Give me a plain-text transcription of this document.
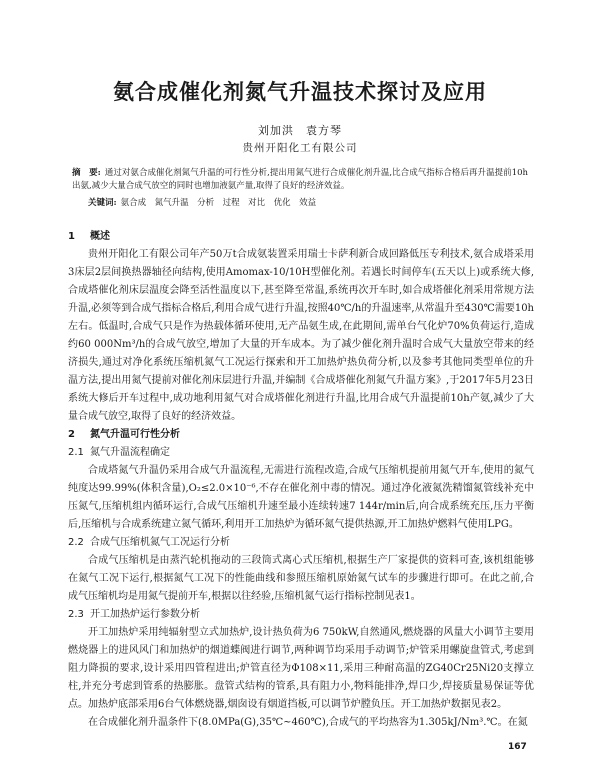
氨合成催化剂氮气升温技术探讨及应用
刘加洪　袁方琴
贵州开阳化工有限公司
摘　要: 通过对氨合成催化剂氮气升温的可行性分析,提出用氮气进行合成催化剂升温,比合成气指标合格后再升温提前10h出氨,减少大量合成气放空的同时也增加液氨产量,取得了良好的经济效益。
关键词: 氨合成　氮气升温　分析　过程　对比　优化　效益
1 概述

贵州开阳化工有限公司年产50万t合成氨装置采用瑞士卡萨利新合成回路低压专利技术,氨合成塔采用3床层2层间换热器轴径向结构,使用Amomax-10/10H型催化剂。若遇长时间停车(五天以上)或系统大修,合成塔催化剂床层温度会降至活性温度以下,甚至降至常温,系统再次开车时,如合成塔催化剂采用常规方法升温,必须等到合成气指标合格后,利用合成气进行升温,按照40℃/h的升温速率,从常温升至430℃需要10h左右。低温时,合成气只是作为热载体循环使用,无产品氨生成,在此期间,需单台气化炉70%负荷运行,造成约60 000Nm³/h的合成气放空,增加了大量的开车成本。为了减少催化剂升温时合成气大量放空带来的经济损失,通过对净化系统压缩机氮气工况运行探索和开工加热炉热负荷分析,以及参考其他同类型单位的升温方法,提出用氮气提前对催化剂床层进行升温,并编制《合成塔催化剂氮气升温方案》,于2017年5月23日系统大修后开车过程中,成功地利用氮气对合成塔催化剂进行升温,比用合成气升温提前10h产氨,减少了大量合成气放空,取得了良好的经济效益。

2 氮气升温可行性分析
2.1 氮气升温流程确定

合成塔氮气升温仍采用合成气升温流程,无需进行流程改造,合成气压缩机提前用氮气开车,使用的氮气纯度达99.99%(体积含量),O₂≤2.0×10⁻⁶,不存在催化剂中毒的情况。通过净化液氮洗精馏氮管线补充中压氮气,压缩机组内循环运行,合成气压缩机升速至最小连续转速7 144r/min后,向合成系统充压,压力平衡后,压缩机与合成系统建立氮气循环,利用开工加热炉为循环氮气提供热源,开工加热炉燃料气使用LPG。

2.2 合成气压缩机氮气工况运行分析

合成气压缩机是由蒸汽轮机拖动的三段筒式离心式压缩机,根据生产厂家提供的资料可查,该机组能够在氮气工况下运行,根据氮气工况下的性能曲线和参照压缩机原始氮气试车的步骤进行即可。在此之前,合成气压缩机均是用氮气提前开车,根据以往经验,压缩机氮气运行指标控制见表1。

2.3 开工加热炉运行参数分析

开工加热炉采用纯辐射型立式加热炉,设计热负荷为6 750kW,自然通风,燃烧器的风量大小调节主要用燃烧器上的进风风门和加热炉的烟道蝶阀进行调节,两种调节均采用手动调节;炉管采用螺旋盘管式,考虑到阻力降损的要求,设计采用四管程进出;炉管直径为Φ108×11,采用三种耐高温的ZG40Cr25Ni20支撑立柱,并充分考虑到管系的热膨胀。盘管式结构的管系,具有阻力小,物料能排净,焊口少,焊接质量易保证等优点。加热炉底部采用6台气体燃烧器,烟囱设有烟道挡板,可以调节炉膛负压。开工加热炉数据见表2。

在合成催化剂升温条件下(8.0MPa(G),35℃~460℃),合成气的平均热容为1.305kJ/Nm³.℃。在氮

167
